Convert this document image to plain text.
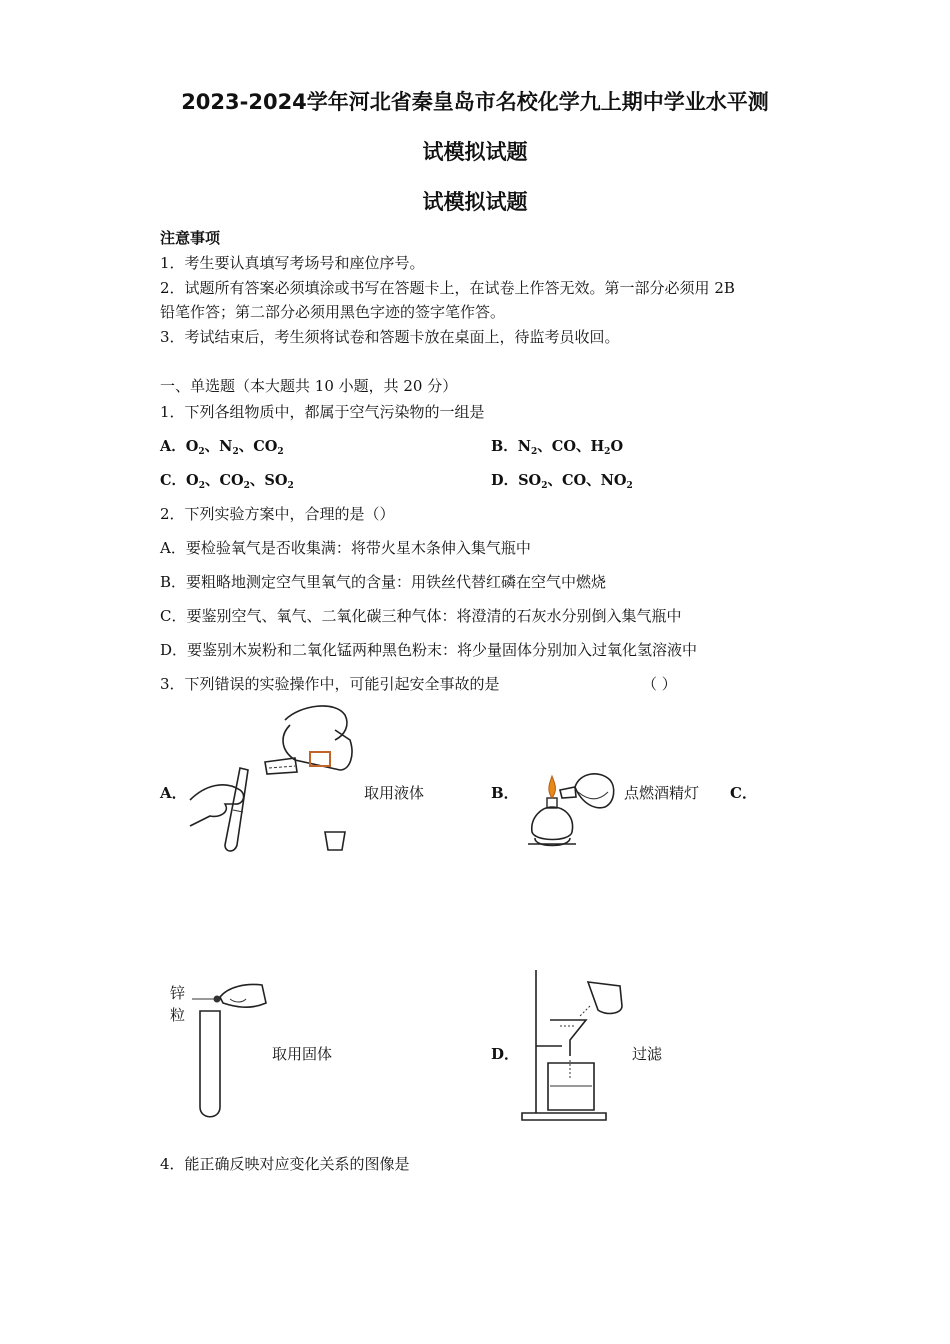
2023-2024学年河北省秦皇岛市名校化学九上期中学业水平测
试模拟试题
试模拟试题
注意事项
1．考生要认真填写考场号和座位序号。
2．试题所有答案必须填涂或书写在答题卡上，在试卷上作答无效。第一部分必须用 2B
铅笔作答；第二部分必须用黑色字迹的签字笔作答。
3．考试结束后，考生须将试卷和答题卡放在桌面上，待监考员收回。
一、单选题（本大题共 10 小题，共 20 分）
1．下列各组物质中，都属于空气污染物的一组是
A．$O_2$、$N_2$、$CO_2$	B．$N_2$、CO、$H_2O$
C．$O_2$、$CO_2$、$SO_2$	D．$SO_2$、CO、$NO_2$
2．下列实验方案中，合理的是（）
A．要检验氧气是否收集满：将带火星木条伸入集气瓶中
B．要粗略地测定空气里氧气的含量：用铁丝代替红磷在空气中燃烧
C．要鉴别空气、氧气、二氧化碳三种气体：将澄清的石灰水分别倒入集气瓶中
D．要鉴别木炭粉和二氧化锰两种黑色粉末：将少量固体分别加入过氧化氢溶液中
3．下列错误的实验操作中，可能引起安全事故的是	（ ）
A．	取用液体	B．	点燃酒精灯 C．
锌
粒
取用固体	D．	过滤
4．能正确反映对应变化关系的图像是
